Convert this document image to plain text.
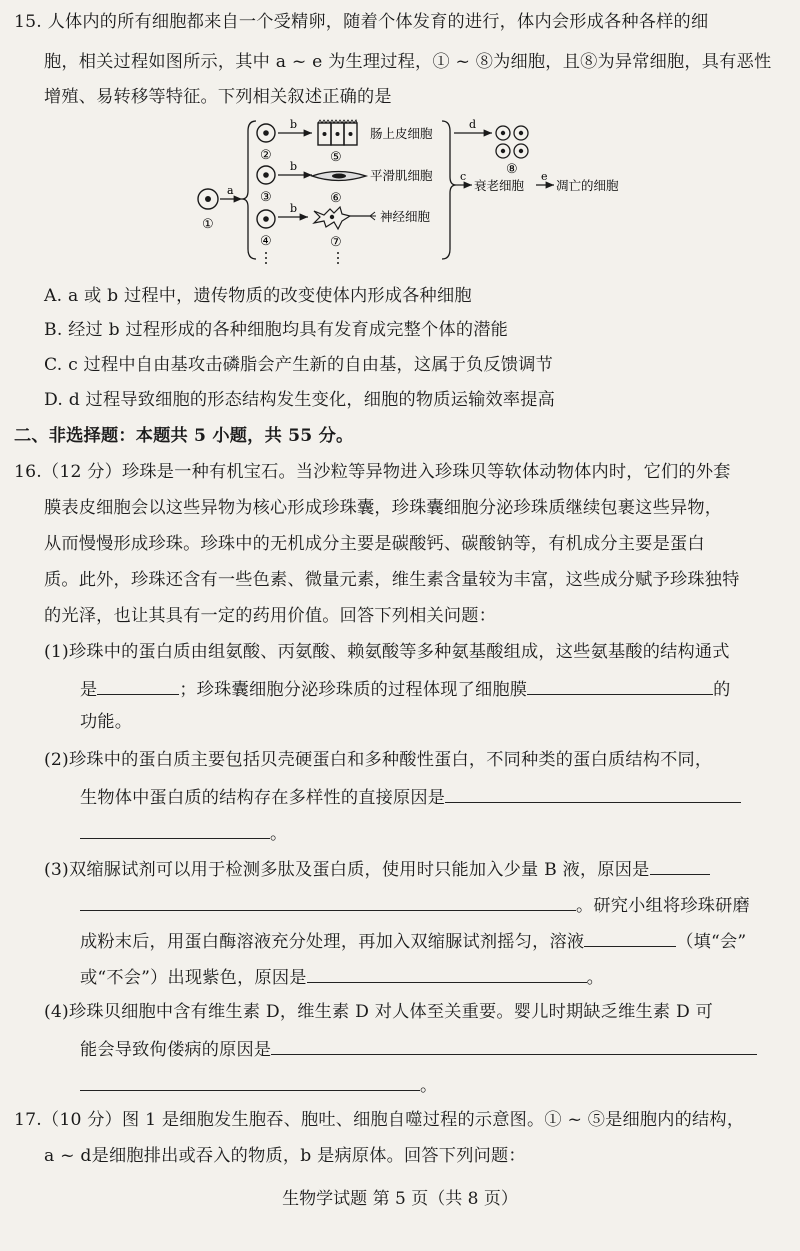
15. 人体内的所有细胞都来自一个受精卵，随着个体发育的进行，体内会形成各种各样的细
胞，相关过程如图所示，其中 a ~ e 为生理过程，① ~ ⑧为细胞，且⑧为异常细胞，具有恶性
增殖、易转移等特征。下列相关叙述正确的是
①
a
②
b
⑤
肠上皮细胞
③
b
⑥
平滑肌细胞
④
b
⑦
神经细胞
d
⑧
c
衰老细胞
e
凋亡的细胞
A. a 或 b 过程中，遗传物质的改变使体内形成各种细胞
B. 经过 b 过程形成的各种细胞均具有发育成完整个体的潜能
C. c 过程中自由基攻击磷脂会产生新的自由基，这属于负反馈调节
D. d 过程导致细胞的形态结构发生变化，细胞的物质运输效率提高
二、非选择题：本题共 5 小题，共 55 分。
16.（12 分）珍珠是一种有机宝石。当沙粒等异物进入珍珠贝等软体动物体内时，它们的外套
膜表皮细胞会以这些异物为核心形成珍珠囊，珍珠囊细胞分泌珍珠质继续包裹这些异物，
从而慢慢形成珍珠。珍珠中的无机成分主要是碳酸钙、碳酸钠等，有机成分主要是蛋白
质。此外，珍珠还含有一些色素、微量元素，维生素含量较为丰富，这些成分赋予珍珠独特
的光泽，也让其具有一定的药用价值。回答下列相关问题：
(1)珍珠中的蛋白质由组氨酸、丙氨酸、赖氨酸等多种氨基酸组成，这些氨基酸的结构通式
是	；珍珠囊细胞分泌珍珠质的过程体现了细胞膜	的
功能。
(2)珍珠中的蛋白质主要包括贝壳硬蛋白和多种酸性蛋白，不同种类的蛋白质结构不同，
生物体中蛋白质的结构存在多样性的直接原因是
。
(3)双缩脲试剂可以用于检测多肽及蛋白质，使用时只能加入少量 B 液，原因是
。研究小组将珍珠研磨
成粉末后，用蛋白酶溶液充分处理，再加入双缩脲试剂摇匀，溶液	（填“会”
或“不会”）出现紫色，原因是	。
(4)珍珠贝细胞中含有维生素 D，维生素 D 对人体至关重要。婴儿时期缺乏维生素 D 可
能会导致佝偻病的原因是
。
17.（10 分）图 1 是细胞发生胞吞、胞吐、细胞自噬过程的示意图。① ~ ⑤是细胞内的结构，
a ~ d是细胞排出或吞入的物质，b 是病原体。回答下列问题：
生物学试题 第 5 页（共 8 页）
